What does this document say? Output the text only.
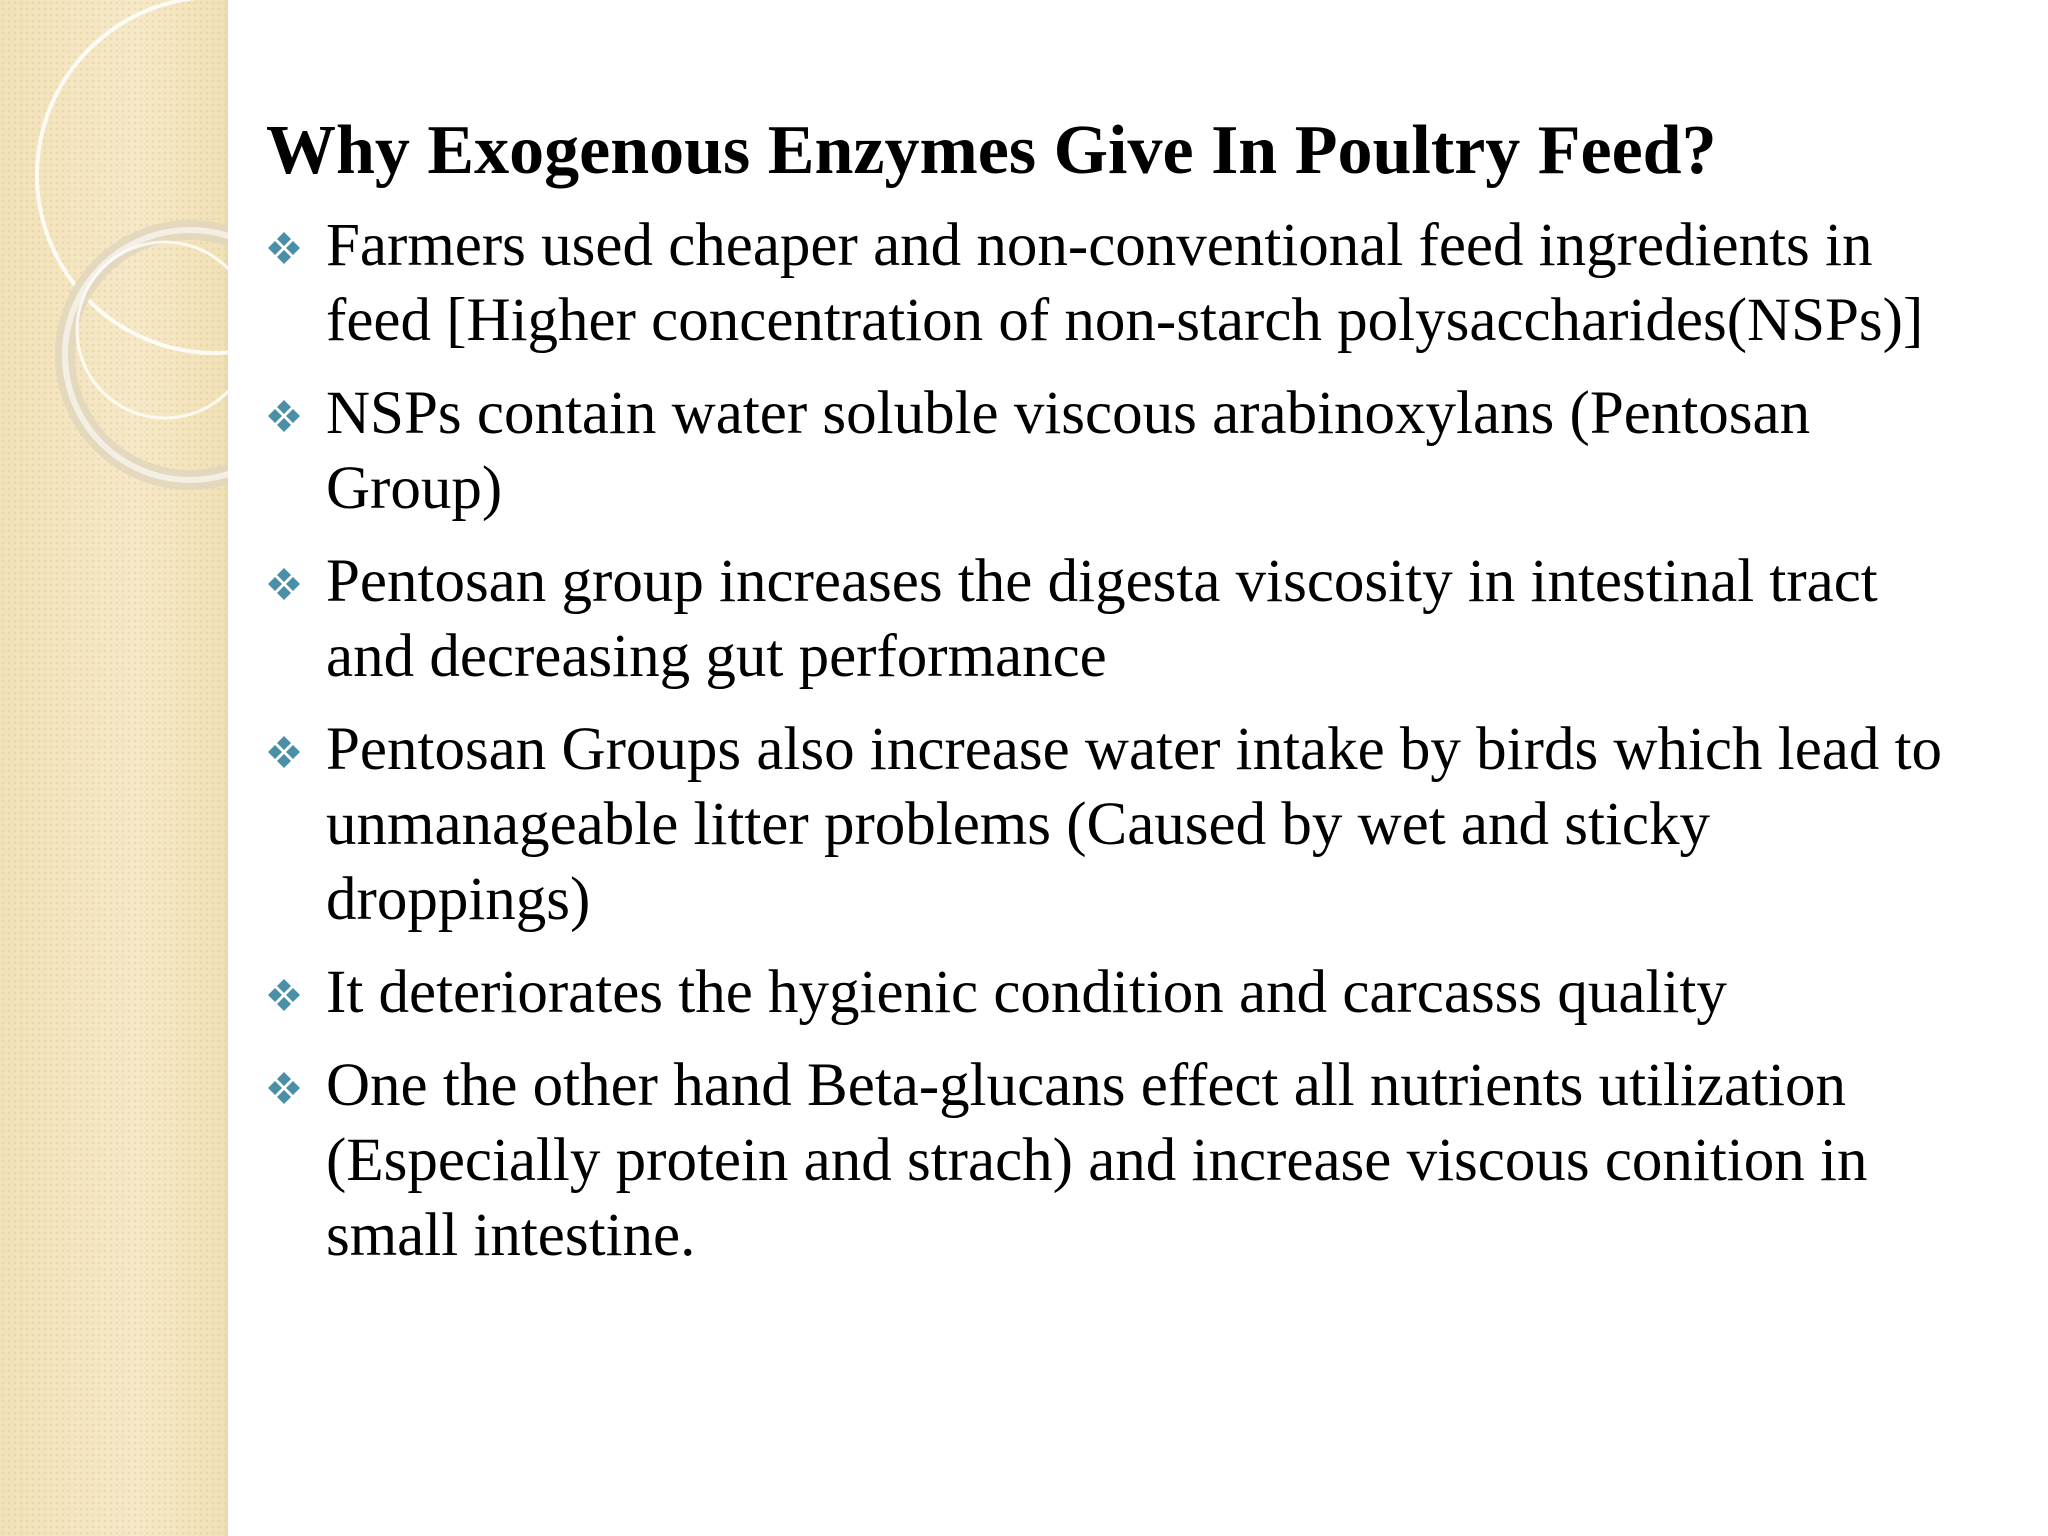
Why Exogenous Enzymes Give In Poultry Feed?
Farmers used cheaper and non-conventional feed ingredients in feed [Higher concentration of non-starch polysaccharides(NSPs)]
NSPs contain water soluble viscous arabinoxylans (Pentosan Group)
Pentosan group increases the digesta viscosity in intestinal tract and decreasing gut performance
Pentosan Groups also increase water intake by birds which lead to unmanageable litter problems (Caused by wet and sticky droppings)
It deteriorates the hygienic condition and carcasss quality
One the other hand Beta-glucans effect all nutrients utilization (Especially protein and strach) and increase viscous conition in small intestine.
